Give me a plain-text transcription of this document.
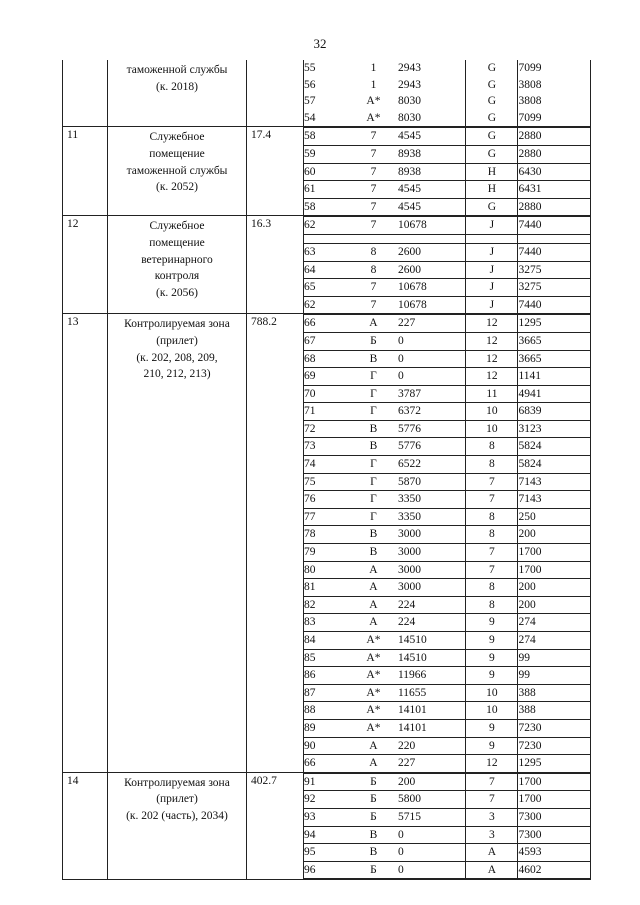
32

таможенной службы
(к. 2018)

55	1	2943	G	7099
56	1	2943	G	3808
57	А*	8030	G	3808
54	А*	8030	G	7099

11	Служебное
помещение
таможенной службы
(к. 2052)
	17.4		58	7	4545	G	2880
59	7	8938	G	2880
60	7	8938	H	6430
61	7	4545	H	6431
58	7	4545	G	2880

12	Служебное
помещение
ветеринарного
контроля
(к. 2056)
	16.3		62	7	10678	J	7440

63	8	2600	J	7440
64	8	2600	J	3275
65	7	10678	J	3275
62	7	10678	J	7440

13	Контролируемая зона
(прилет)
(к. 202, 208, 209,
210, 212, 213)
	788.2	66	А	227	12	1295
67	Б	0	12	3665
68	В	0	12	3665
69	Г	0	12	1141
70	Г	3787	11	4941
71	Г	6372	10	6839
72	В	5776	10	3123
73	В	5776	8	5824
74	Г	6522	8	5824
75	Г	5870	7	7143
76	Г	3350	7	7143
77	Г	3350	8	250
78	В	3000	8	200
79	В	3000	7	1700
80	А	3000	7	1700
81	А	3000	8	200
82	А	224	8	200
83	А	224	9	274
84	А*	14510	9	274
85	А*	14510	9	99
86	А*	11966	9	99
87	А*	11655	10	388
88	А*	14101	10	388
89	А*	14101	9	7230
90	А	220	9	7230
66	А	227	12	1295

14	Контролируемая зона
(прилет)
(к. 202 (часть), 2034)
	402.7	91	Б	200	7	1700
92	Б	5800	7	1700
93	Б	5715	3	7300
94	В	0	3	7300
95	В	0	А	4593
96	Б	0	А	4602
